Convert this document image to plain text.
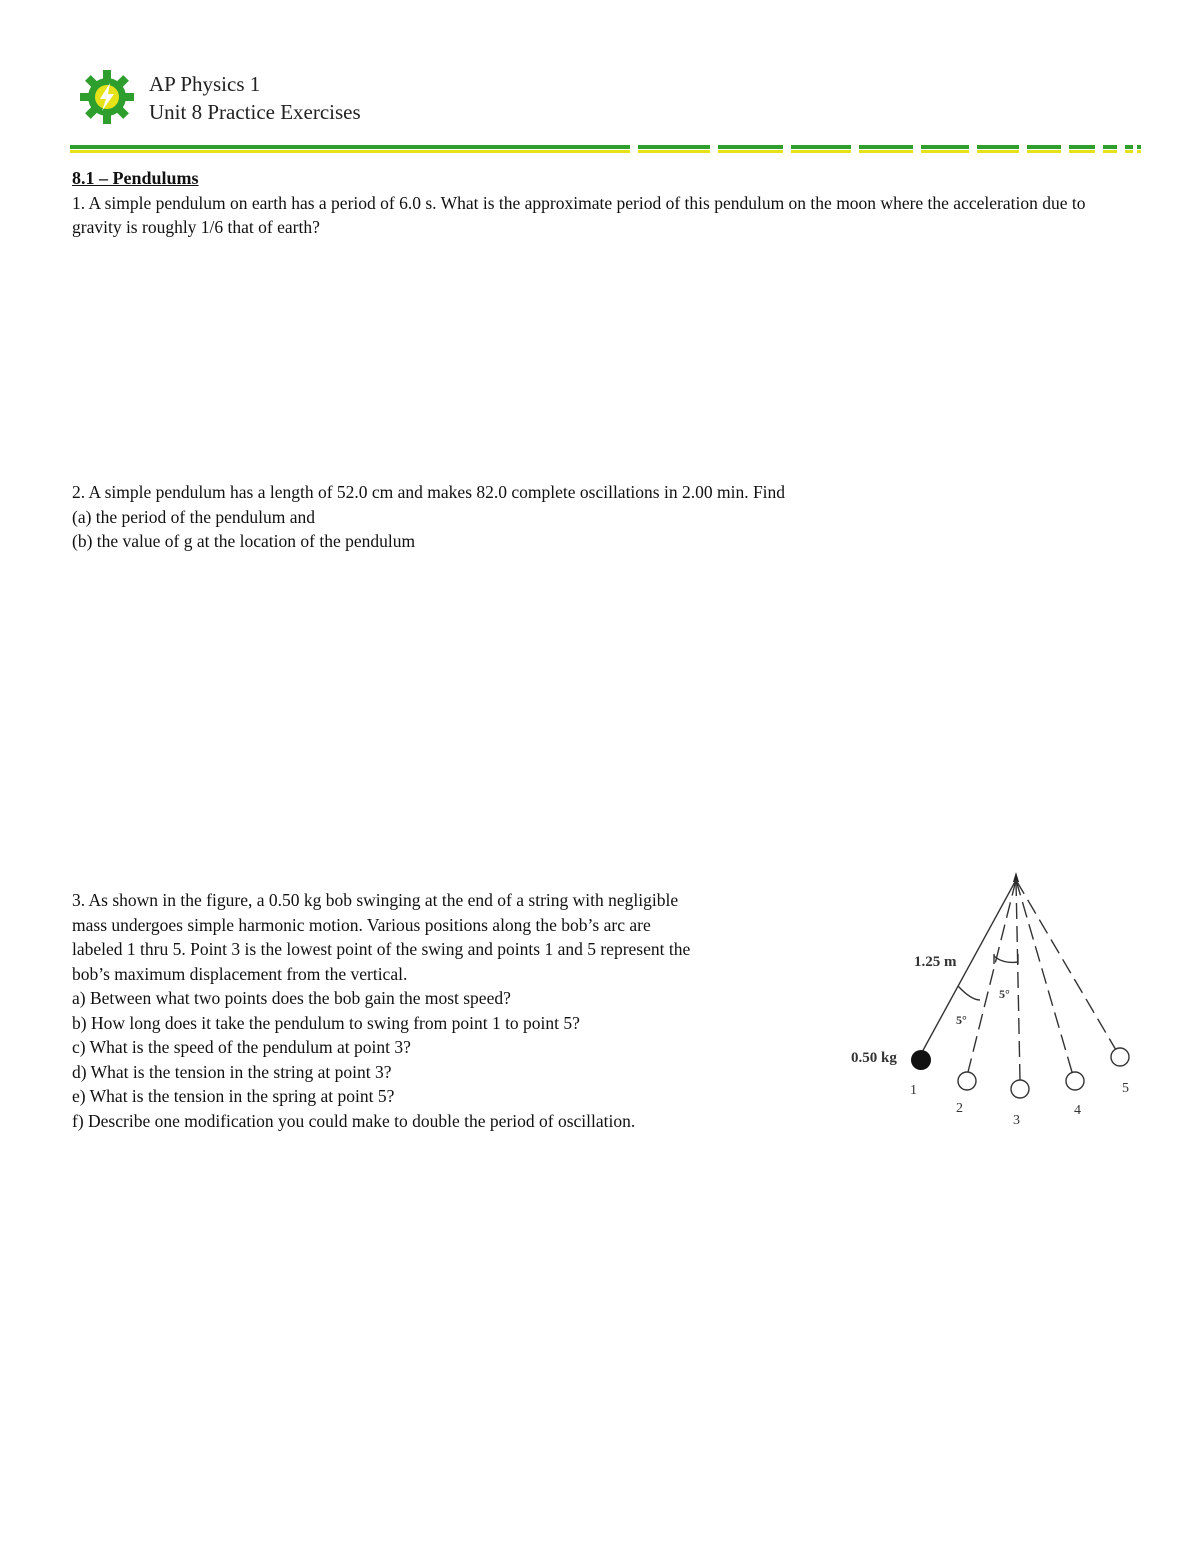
AP Physics 1
Unit 8 Practice Exercises
8.1 – Pendulums
1. A simple pendulum on earth has a period of 6.0 s. What is the approximate period of this pendulum on the moon where the acceleration due to gravity is roughly 1/6 that of earth?
2. A simple pendulum has a length of 52.0 cm and makes 82.0 complete oscillations in 2.00 min. Find
(a) the period of the pendulum and
(b) the value of g at the location of the pendulum
3. As shown in the figure, a 0.50 kg bob swinging at the end of a string with negligible
mass undergoes simple harmonic motion. Various positions along the bob’s arc are
labeled 1 thru 5. Point 3 is the lowest point of the swing and points 1 and 5 represent the
bob’s maximum displacement from the vertical.
a) Between what two points does the bob gain the most speed?
b) How long does it take the pendulum to swing from point 1 to point 5?
c) What is the speed of the pendulum at point 3?
d) What is the tension in the string at point 3?
e) What is the tension in the spring at point 5?
f) Describe one modification you could make to double the period of oscillation.
1.25 m
0.50 kg
5°
5°
1
2
3
4
5
